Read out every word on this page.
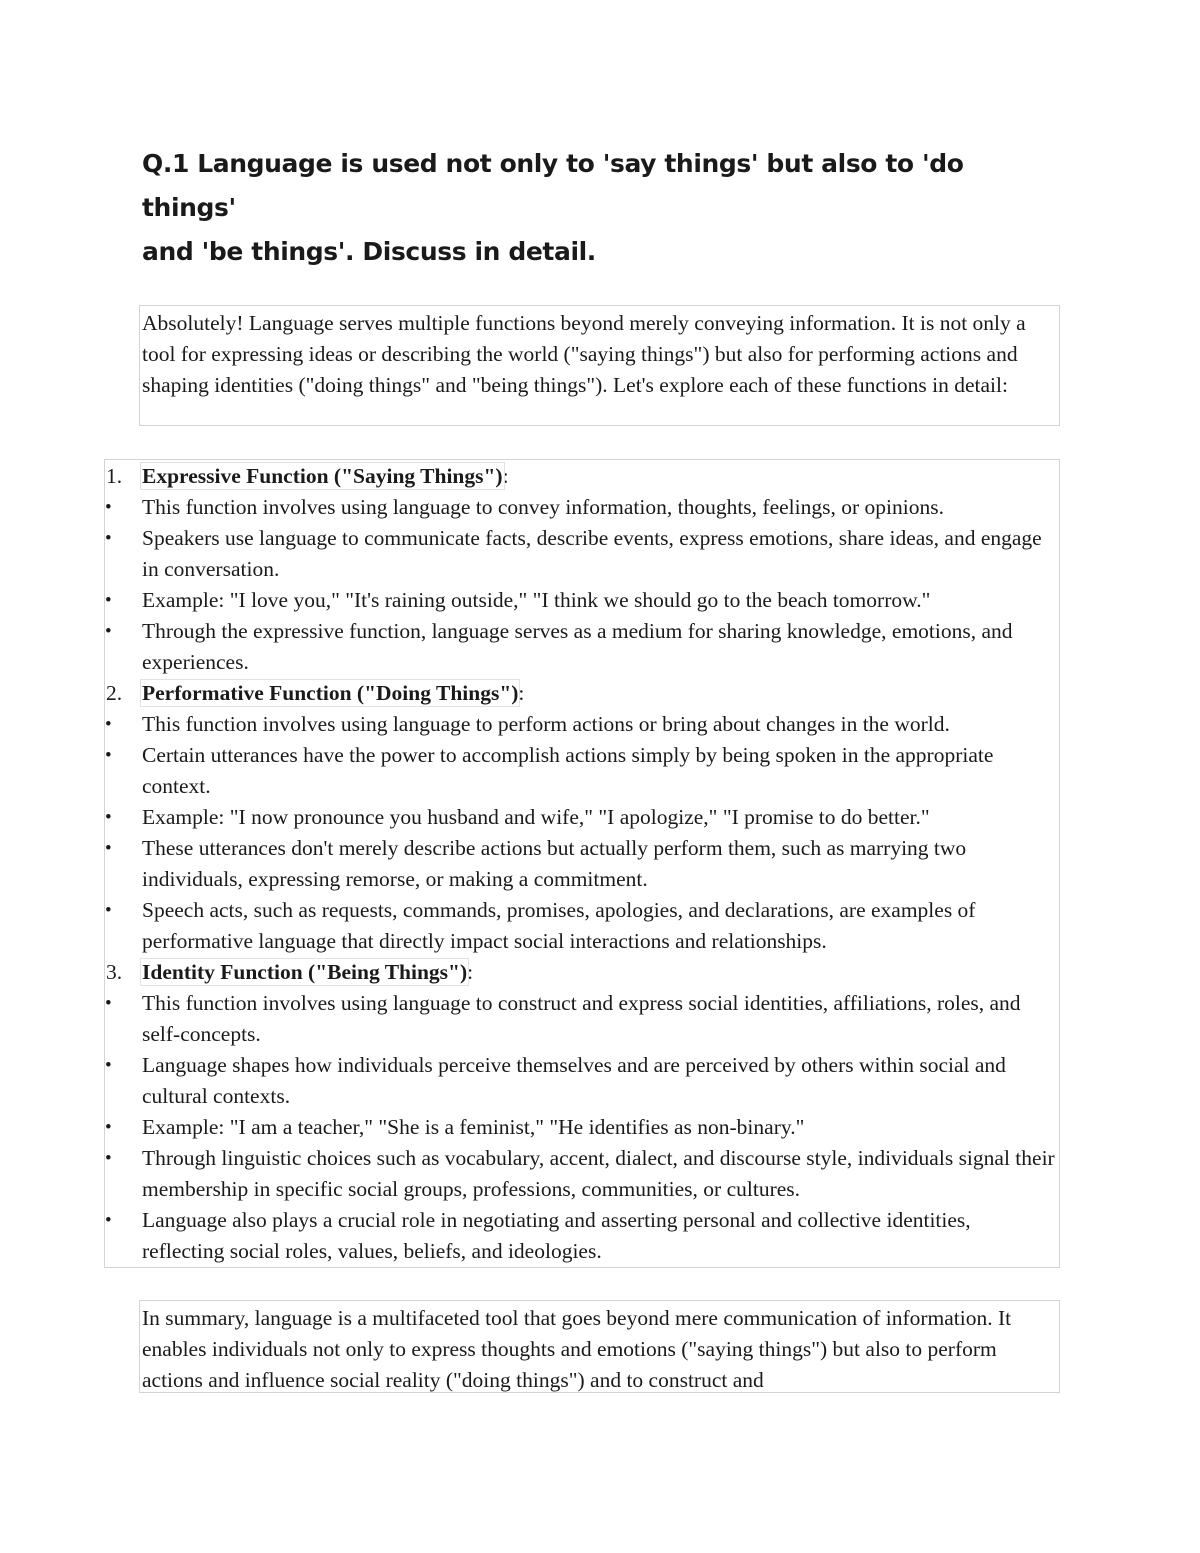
Q.1 Language is used not only to 'say things' but also to 'do things'
and 'be things'. Discuss in detail.

Absolutely! Language serves multiple functions beyond merely conveying information. It is not only a tool for expressing ideas or describing the world ("saying things") but also for performing actions and shaping identities ("doing things" and "being things"). Let's explore each of these functions in detail:

1. Expressive Function ("Saying Things"):
•	This function involves using language to convey information, thoughts, feelings, or opinions.
•	Speakers use language to communicate facts, describe events, express emotions, share ideas, and engage in conversation.
•	Example: "I love you," "It's raining outside," "I think we should go to the beach tomorrow."
•	Through the expressive function, language serves as a medium for sharing knowledge, emotions, and experiences.
2. Performative Function ("Doing Things"):
•	This function involves using language to perform actions or bring about changes in the world.
•	Certain utterances have the power to accomplish actions simply by being spoken in the appropriate context.
•	Example: "I now pronounce you husband and wife," "I apologize," "I promise to do better."
•	These utterances don't merely describe actions but actually perform them, such as marrying two individuals, expressing remorse, or making a commitment.
•	Speech acts, such as requests, commands, promises, apologies, and declarations, are examples of performative language that directly impact social interactions and relationships.
3. Identity Function ("Being Things"):
•	This function involves using language to construct and express social identities, affiliations, roles, and self-concepts.
•	Language shapes how individuals perceive themselves and are perceived by others within social and cultural contexts.
•	Example: "I am a teacher," "She is a feminist," "He identifies as non-binary."
•	Through linguistic choices such as vocabulary, accent, dialect, and discourse style, individuals signal their membership in specific social groups, professions, communities, or cultures.
•	Language also plays a crucial role in negotiating and asserting personal and collective identities, reflecting social roles, values, beliefs, and ideologies.

In summary, language is a multifaceted tool that goes beyond mere communication of information. It enables individuals not only to express thoughts and emotions ("saying things") but also to perform actions and influence social reality ("doing things") and to construct and
